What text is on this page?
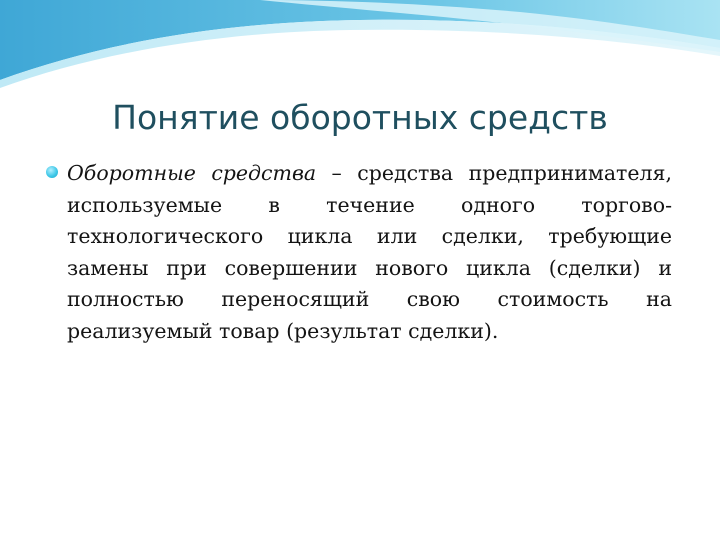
Понятие оборотных средств

Оборотные средства – средства предпринимателя, используемые в течение одного торгово-технологического цикла или сделки, требующие замены при совершении нового цикла (сделки) и полностью переносящий свою стоимость на реализуемый товар (результат сделки).
